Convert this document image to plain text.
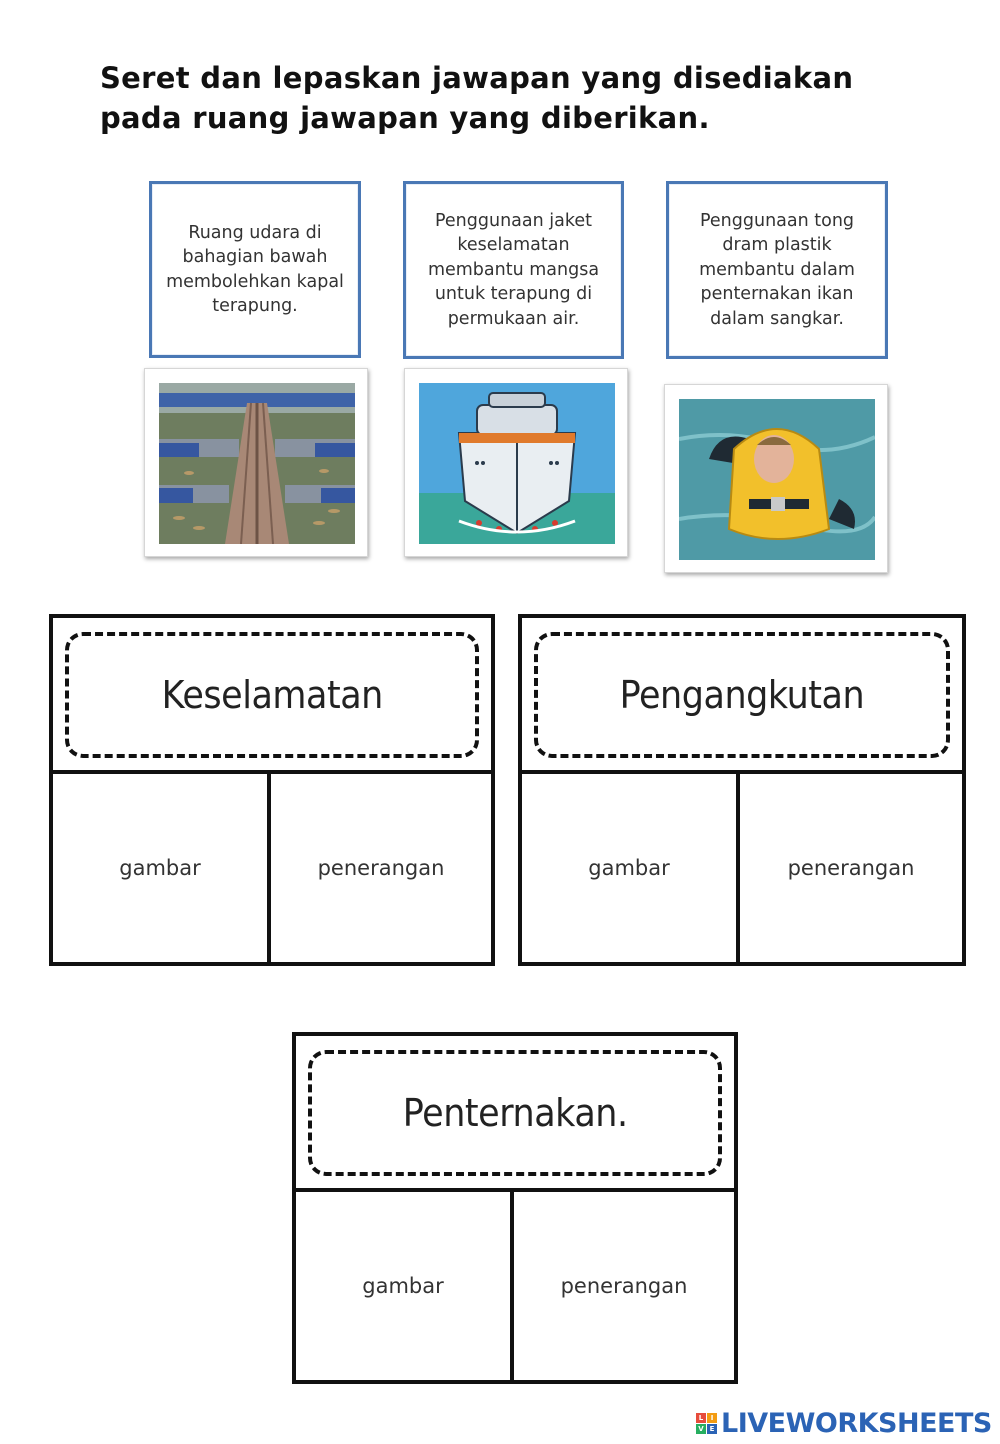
Seret dan lepaskan jawapan yang disediakan pada ruang jawapan yang diberikan.
Ruang udara di bahagian bawah membolehkan kapal terapung.
Penggunaan jaket keselamatan membantu mangsa untuk terapung di permukaan air.
Penggunaan tong dram plastik membantu dalam penternakan ikan dalam sangkar.
Keselamatan
gambar	penerangan
Pengangkutan
gambar	penerangan
Penternakan.
gambar	penerangan
L	I
V E LIVEWORKSHEETS
